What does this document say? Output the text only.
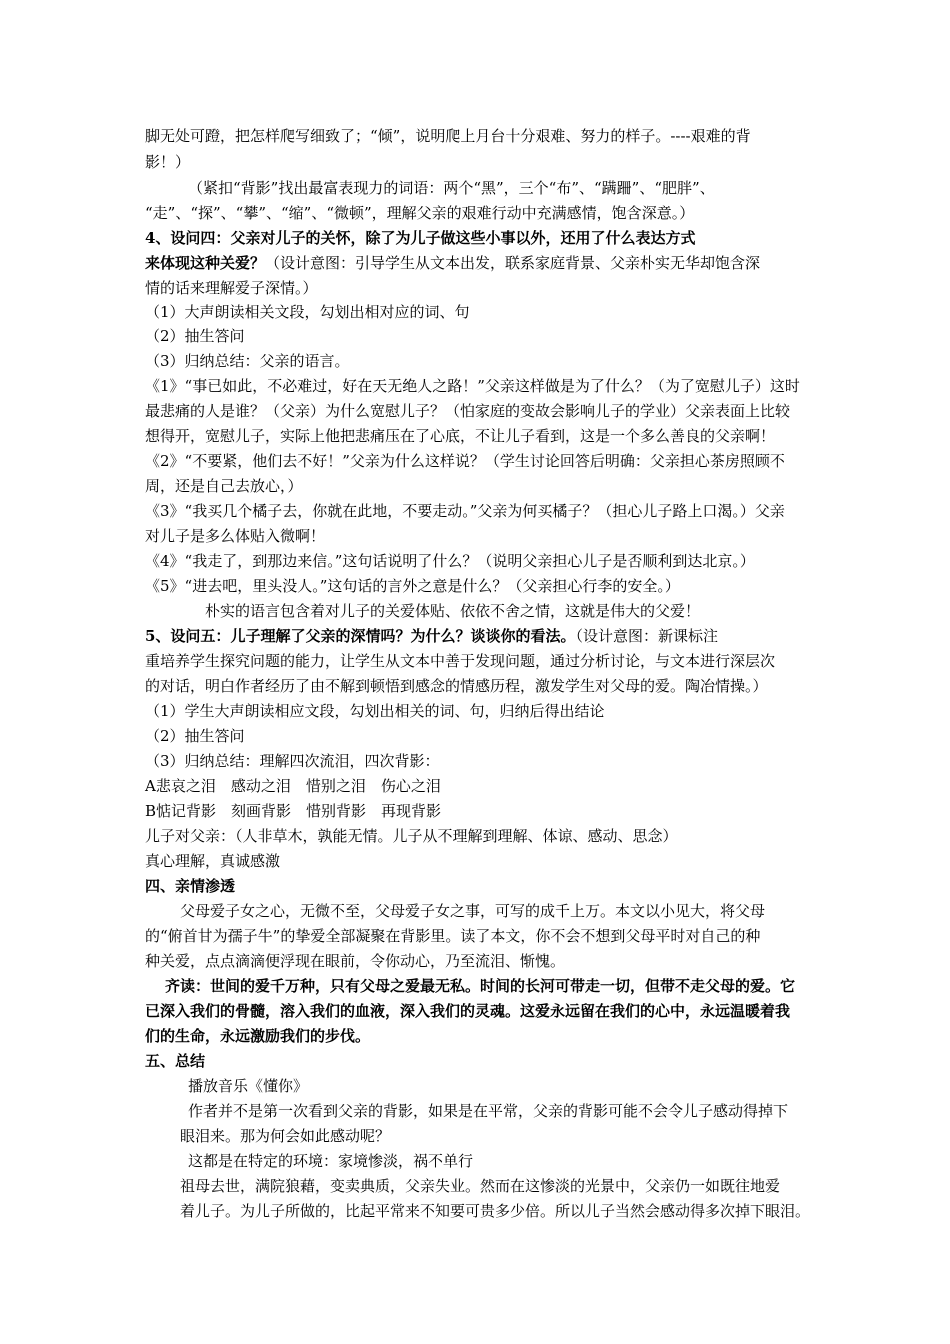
脚无处可蹬，把怎样爬写细致了；“倾”，说明爬上月台十分艰难、努力的样子。----艰难的背
影！）
（紧扣“背影”找出最富表现力的词语：两个“黑”，三个“布”、“蹒跚”、“肥胖”、
“走”、“探”、“攀”、“缩”、“微顿”，理解父亲的艰难行动中充满感情，饱含深意。）
4、设问四：父亲对儿子的关怀，除了为儿子做这些小事以外，还用了什么表达方式
来体现这种关爱？（设计意图：引导学生从文本出发，联系家庭背景、父亲朴实无华却饱含深
情的话来理解爱子深情。）
（1）大声朗读相关文段，勾划出相对应的词、句
（2）抽生答问
（3）归纳总结：父亲的语言。
《1》“事已如此，不必难过，好在天无绝人之路！”父亲这样做是为了什么？（为了宽慰儿子）这时
最悲痛的人是谁？（父亲）为什么宽慰儿子？（怕家庭的变故会影响儿子的学业）父亲表面上比较
想得开，宽慰儿子，实际上他把悲痛压在了心底，不让儿子看到，这是一个多么善良的父亲啊！
《2》“不要紧，他们去不好！”父亲为什么这样说？（学生讨论回答后明确：父亲担心茶房照顾不
周，还是自己去放心，）
《3》“我买几个橘子去，你就在此地，不要走动。”父亲为何买橘子？（担心儿子路上口渴。）父亲
对儿子是多么体贴入微啊！
《4》“我走了，到那边来信。”这句话说明了什么？（说明父亲担心儿子是否顺利到达北京。）
《5》“进去吧，里头没人。”这句话的言外之意是什么？（父亲担心行李的安全。）
朴实的语言包含着对儿子的关爱体贴、依依不舍之情，这就是伟大的父爱！
5、设问五：儿子理解了父亲的深情吗？为什么？谈谈你的看法。（设计意图：新课标注
重培养学生探究问题的能力，让学生从文本中善于发现问题，通过分析讨论，与文本进行深层次
的对话，明白作者经历了由不解到顿悟到感念的情感历程，激发学生对父母的爱。陶冶情操。）
（1）学生大声朗读相应文段，勾划出相关的词、句，归纳后得出结论
（2）抽生答问
（3）归纳总结：理解四次流泪，四次背影：
A悲哀之泪　感动之泪　惜别之泪　伤心之泪
B惦记背影　刻画背影　惜别背影　再现背影
儿子对父亲：（人非草木，孰能无情。儿子从不理解到理解、体谅、感动、思念）
真心理解，真诚感激
四、亲情渗透
父母爱子女之心，无微不至，父母爱子女之事，可写的成千上万。本文以小见大，将父母
的“俯首甘为孺子牛”的挚爱全部凝聚在背影里。读了本文，你不会不想到父母平时对自己的种
种关爱，点点滴滴便浮现在眼前，令你动心，乃至流泪、惭愧。
齐读：世间的爱千万种，只有父母之爱最无私。时间的长河可带走一切，但带不走父母的爱。它
已深入我们的骨髓，溶入我们的血液，深入我们的灵魂。这爱永远留在我们的心中，永远温暖着我
们的生命，永远激励我们的步伐。
五、总结
播放音乐《懂你》
作者并不是第一次看到父亲的背影，如果是在平常，父亲的背影可能不会令儿子感动得掉下
眼泪来。那为何会如此感动呢？
这都是在特定的环境：家境惨淡，祸不单行
祖母去世，满院狼藉，变卖典质，父亲失业。然而在这惨淡的光景中，父亲仍一如既往地爱
着儿子。为儿子所做的，比起平常来不知要可贵多少倍。所以儿子当然会感动得多次掉下眼泪。
